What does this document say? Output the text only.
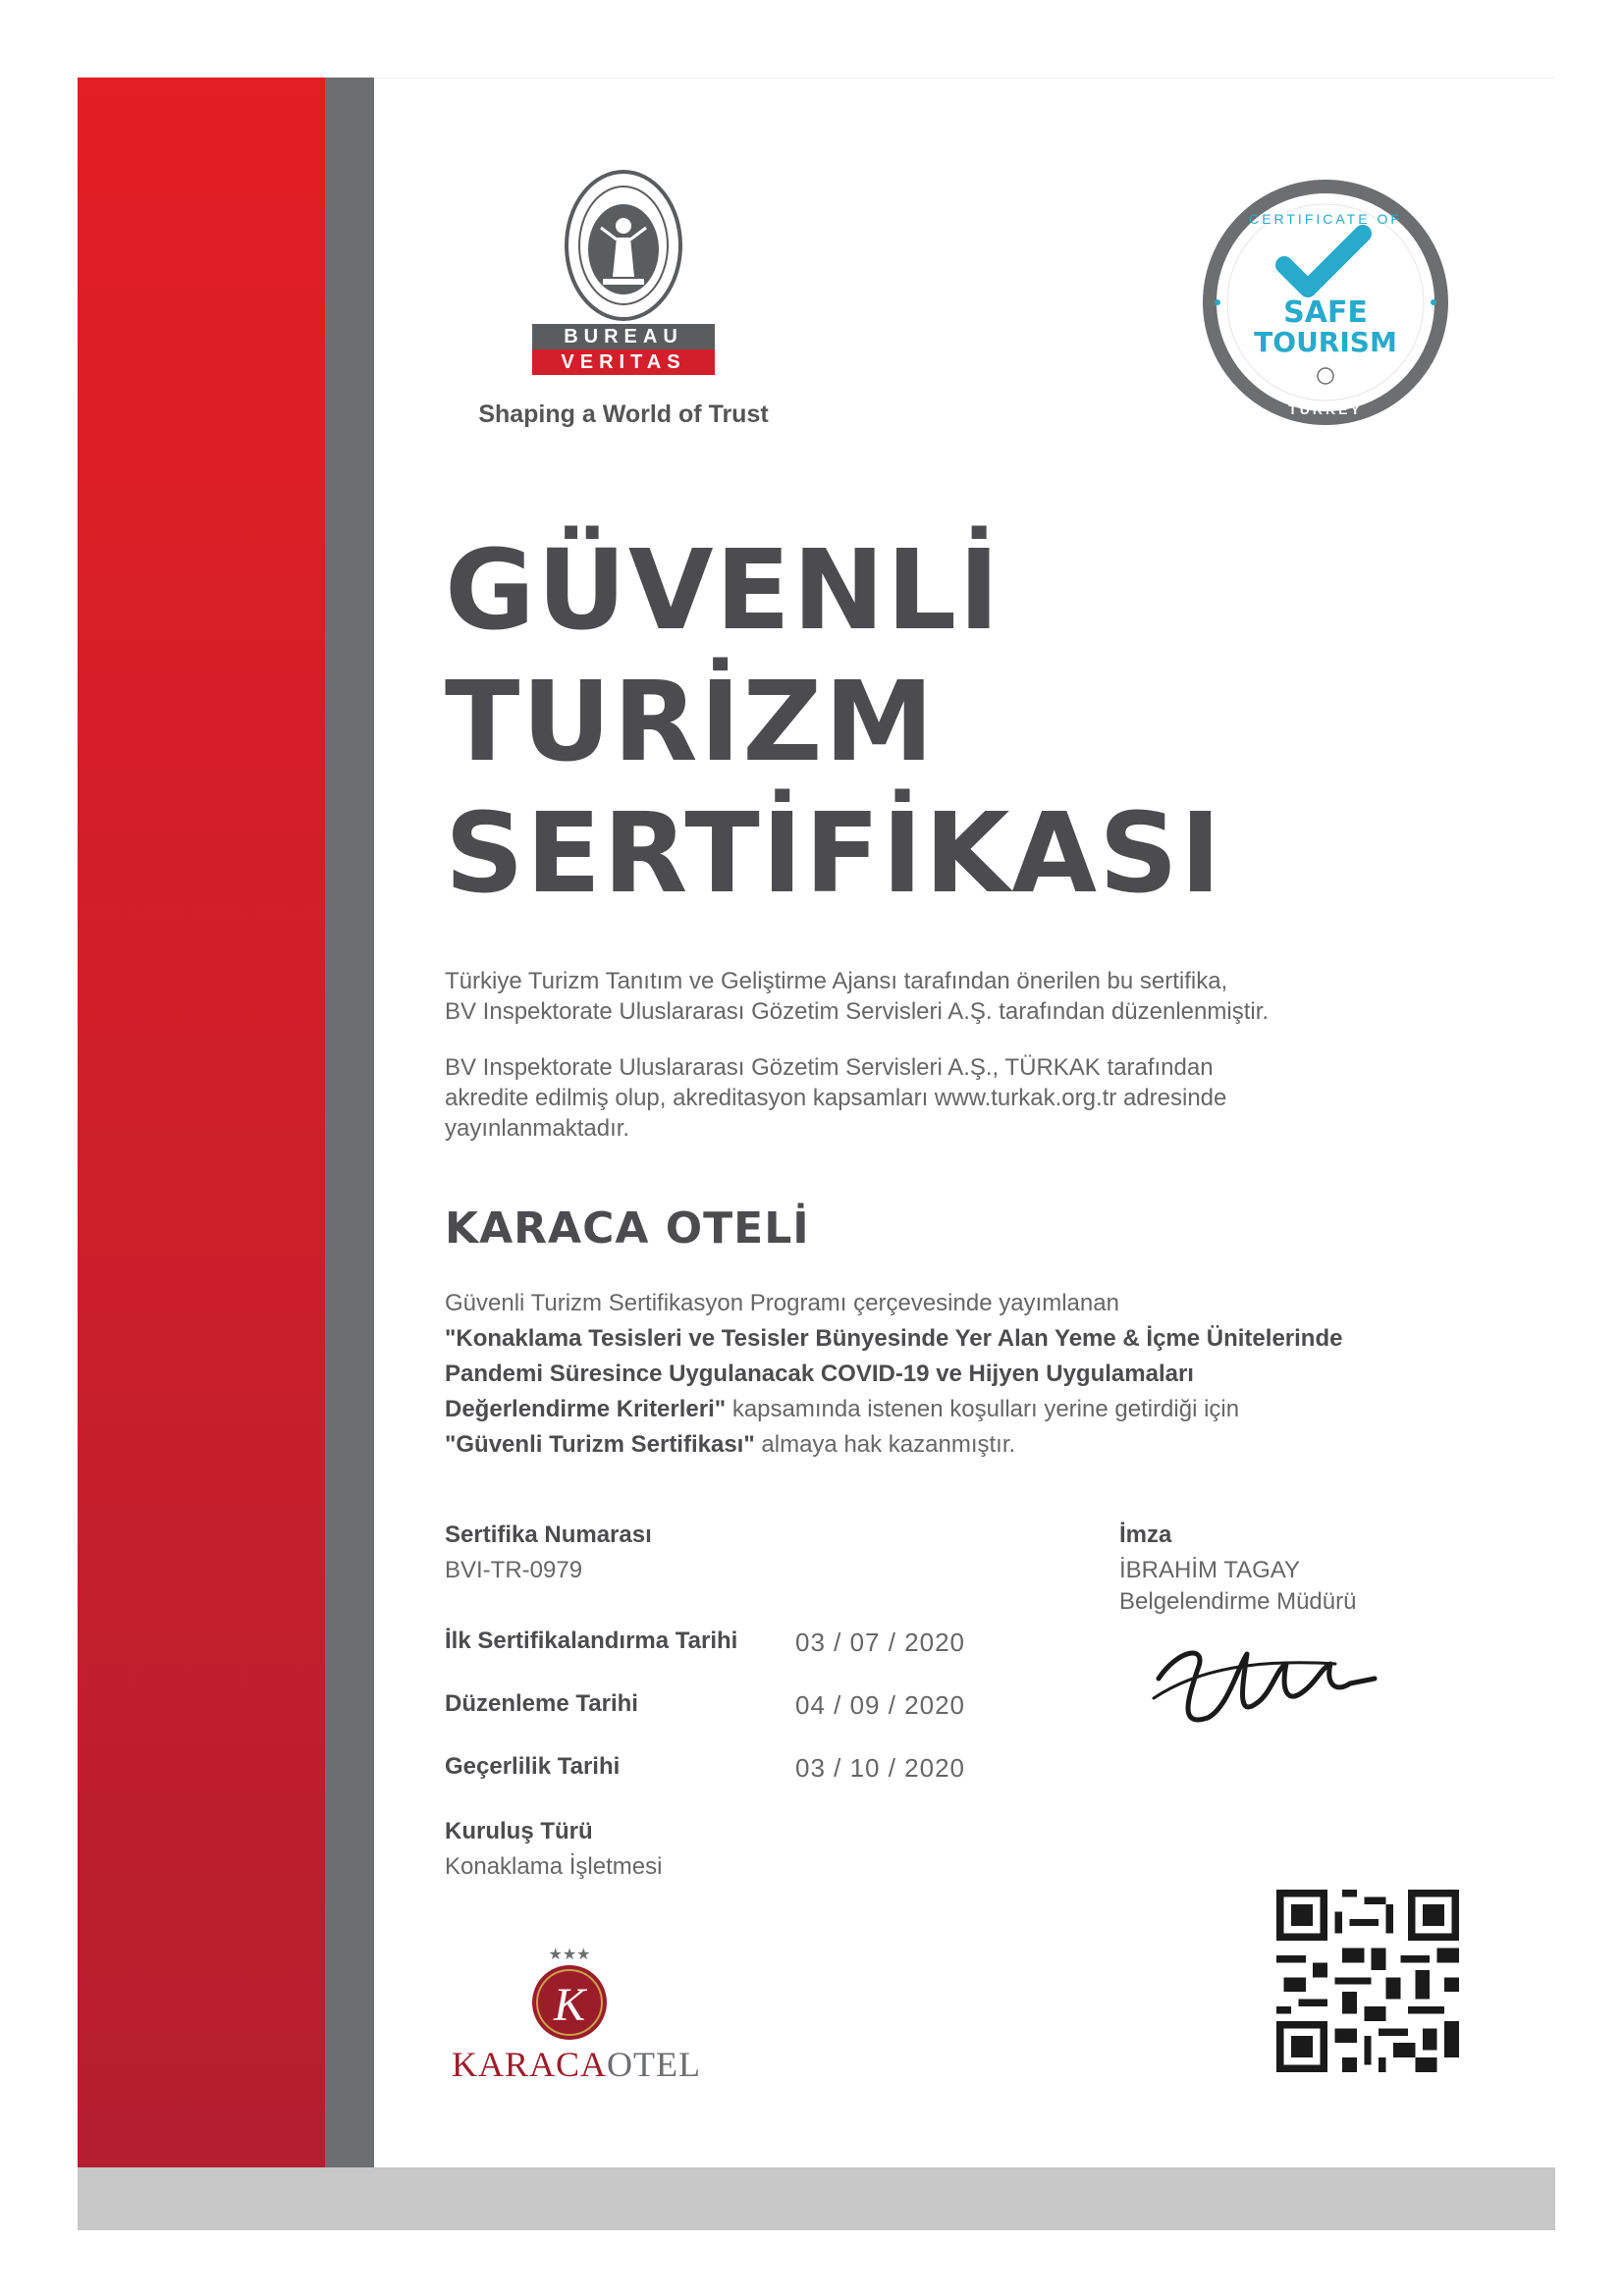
BUREAU
VERITAS
Shaping a World of Trust
CERTIFICATE OF
SAFE
TOURISM
TURKEY
GÜVENLİ
TURİZM
SERTİFİKASI
Türkiye Turizm Tanıtım ve Geliştirme Ajansı tarafından önerilen bu sertifika,
BV Inspektorate Uluslararası Gözetim Servisleri A.Ş. tarafından düzenlenmiştir.
BV Inspektorate Uluslararası Gözetim Servisleri A.Ş., TÜRKAK tarafından
akredite edilmiş olup, akreditasyon kapsamları www.turkak.org.tr adresinde
yayınlanmaktadır.
KARACA OTELİ
Güvenli Turizm Sertifikasyon Programı çerçevesinde yayımlanan
"Konaklama Tesisleri ve Tesisler Bünyesinde Yer Alan Yeme & İçme Ünitelerinde
Pandemi Süresince Uygulanacak COVID-19 ve Hijyen Uygulamaları
Değerlendirme Kriterleri" kapsamında istenen koşulları yerine getirdiği için
"Güvenli Turizm Sertifikası" almaya hak kazanmıştır.
Sertifika Numarası
BVI-TR-0979
İlk Sertifikalandırma Tarihi 03 / 07 / 2020
Düzenleme Tarihi	04 / 09 / 2020
Geçerlilik Tarihi	03 / 10 / 2020
Kuruluş Türü
Konaklama İşletmesi
İmza
İBRAHİM TAGAY
Belgelendirme Müdürü
★★★
K
KARACAOTEL
